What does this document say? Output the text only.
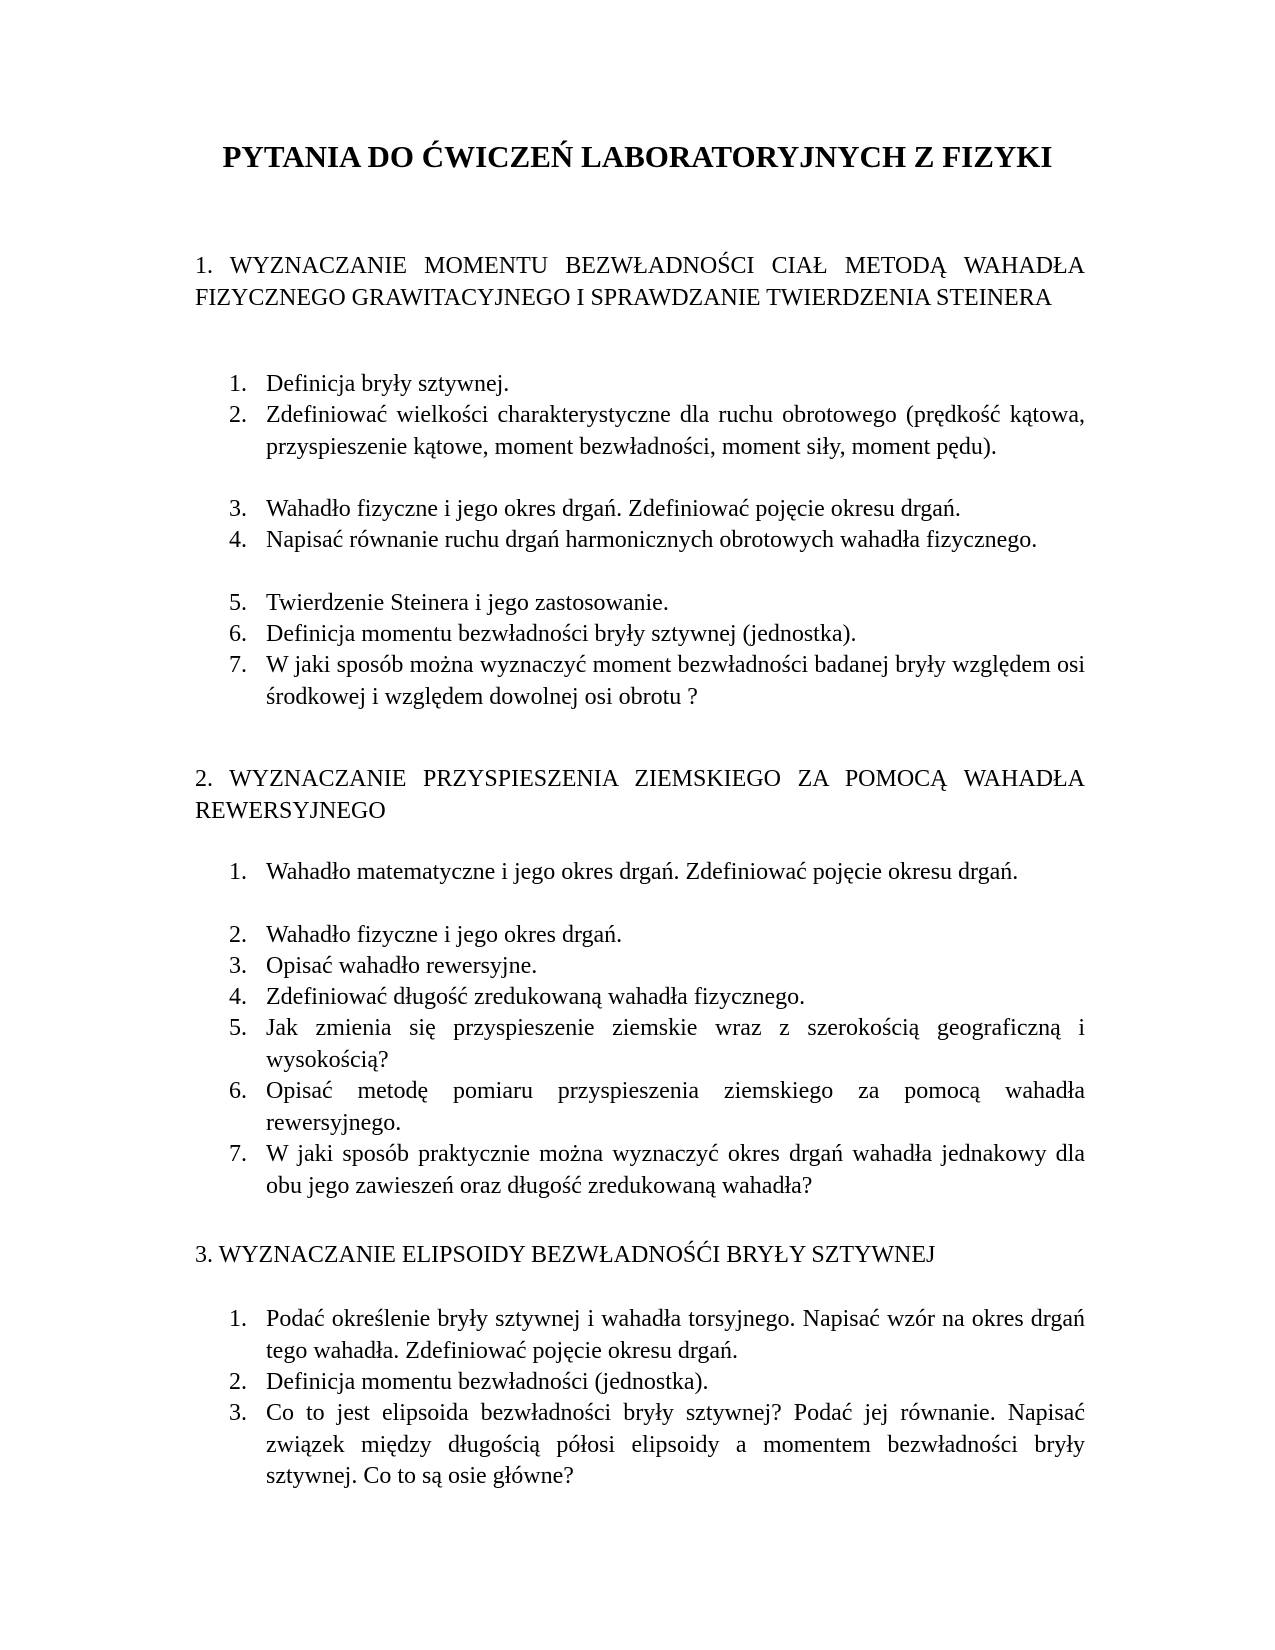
PYTANIA DO ĆWICZEŃ LABORATORYJNYCH Z FIZYKI
1. WYZNACZANIE MOMENTU BEZWŁADNOŚCI CIAŁ METODĄ WAHADŁA FIZYCZNEGO GRAWITACYJNEGO I SPRAWDZANIE TWIERDZENIA STEINERA
1. Definicja bryły sztywnej.
2. Zdefiniować wielkości charakterystyczne dla ruchu obrotowego (prędkość kątowa, przyspieszenie kątowe, moment bezwładności, moment siły, moment pędu).
3. Wahadło fizyczne i jego okres drgań. Zdefiniować pojęcie okresu drgań.
4. Napisać równanie ruchu drgań harmonicznych obrotowych wahadła fizycznego.
5. Twierdzenie Steinera i jego zastosowanie.
6. Definicja momentu bezwładności bryły sztywnej (jednostka).
7. W jaki sposób można wyznaczyć moment bezwładności badanej bryły względem osi środkowej i względem dowolnej osi obrotu ?
2. WYZNACZANIE PRZYSPIESZENIA ZIEMSKIEGO ZA POMOCĄ WAHADŁA REWERSYJNEGO
1. Wahadło matematyczne i jego okres drgań. Zdefiniować pojęcie okresu drgań.
2. Wahadło fizyczne i jego okres drgań.
3. Opisać wahadło rewersyjne.
4. Zdefiniować długość zredukowaną wahadła fizycznego.
5. Jak zmienia się przyspieszenie ziemskie wraz z szerokością geograficzną i wysokością?
6. Opisać metodę pomiaru przyspieszenia ziemskiego za pomocą wahadła rewersyjnego.
7. W jaki sposób praktycznie można wyznaczyć okres drgań wahadła jednakowy dla obu jego zawieszeń oraz długość zredukowaną wahadła?
3. WYZNACZANIE ELIPSOIDY BEZWŁADNOŚĆI BRYŁY SZTYWNEJ
1. Podać określenie bryły sztywnej i wahadła torsyjnego. Napisać wzór na okres drgań tego wahadła. Zdefiniować pojęcie okresu drgań.
2. Definicja momentu bezwładności (jednostka).
3. Co to jest elipsoida bezwładności bryły sztywnej? Podać jej równanie. Napisać związek między długością półosi elipsoidy a momentem bezwładności bryły sztywnej. Co to są osie główne?
